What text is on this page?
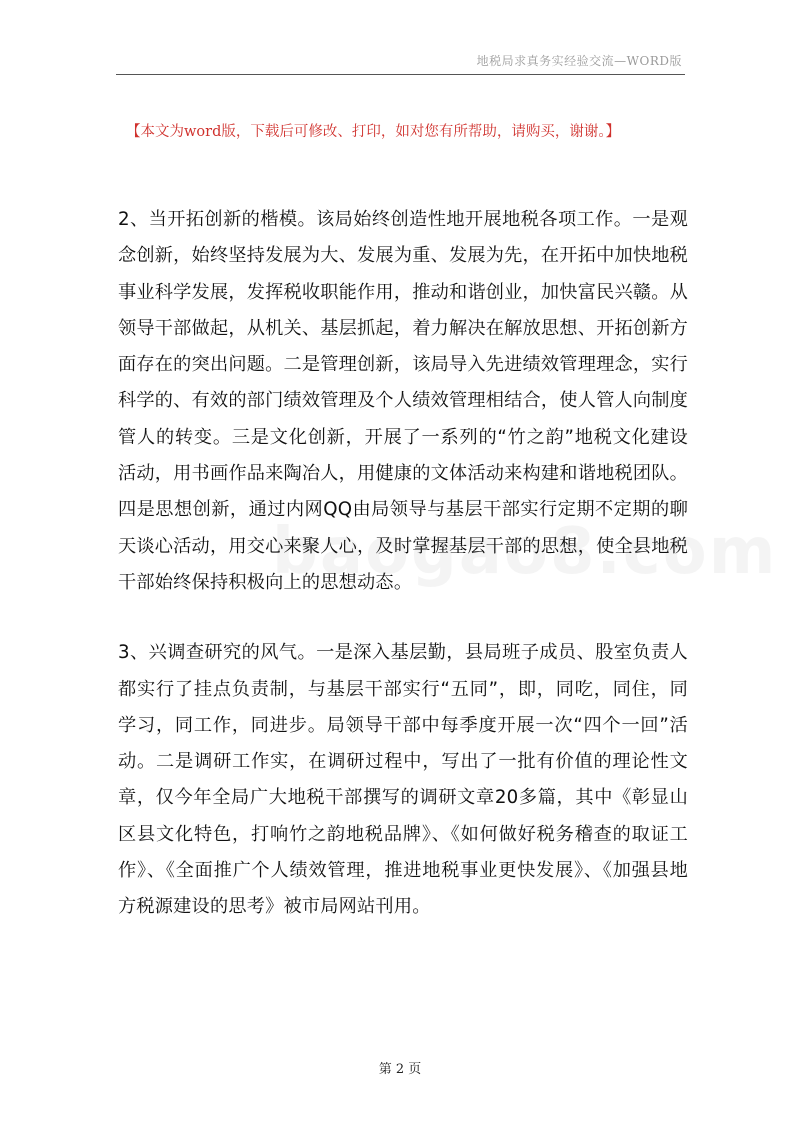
地税局求真务实经验交流—WORD版
【本文为word版，下载后可修改、打印，如对您有所帮助，请购买，谢谢。】

2、当开拓创新的楷模。该局始终创造性地开展地税各项工作。一是观念创新，始终坚持发展为大、发展为重、发展为先，在开拓中加快地税事业科学发展，发挥税收职能作用，推动和谐创业，加快富民兴赣。从领导干部做起，从机关、基层抓起，着力解决在解放思想、开拓创新方面存在的突出问题。二是管理创新，该局导入先进绩效管理理念，实行科学的、有效的部门绩效管理及个人绩效管理相结合，使人管人向制度管人的转变。三是文化创新，开展了一系列的“竹之韵”地税文化建设活动，用书画作品来陶冶人，用健康的文体活动来构建和谐地税团队。四是思想创新，通过内网QQ由局领导与基层干部实行定期不定期的聊天谈心活动，用交心来聚人心，及时掌握基层干部的思想，使全县地税干部始终保持积极向上的思想动态。

3、兴调查研究的风气。一是深入基层勤，县局班子成员、股室负责人都实行了挂点负责制，与基层干部实行“五同”，即，同吃，同住，同学习，同工作，同进步。局领导干部中每季度开展一次“四个一回”活动。二是调研工作实，在调研过程中，写出了一批有价值的理论性文章，仅今年全局广大地税干部撰写的调研文章20多篇，其中《彰显山区县文化特色，打响竹之韵地税品牌》、《如何做好税务稽查的取证工作》、《全面推广个人绩效管理，推进地税事业更快发展》、《加强县地方税源建设的思考》被市局网站刊用。

第 2 页
